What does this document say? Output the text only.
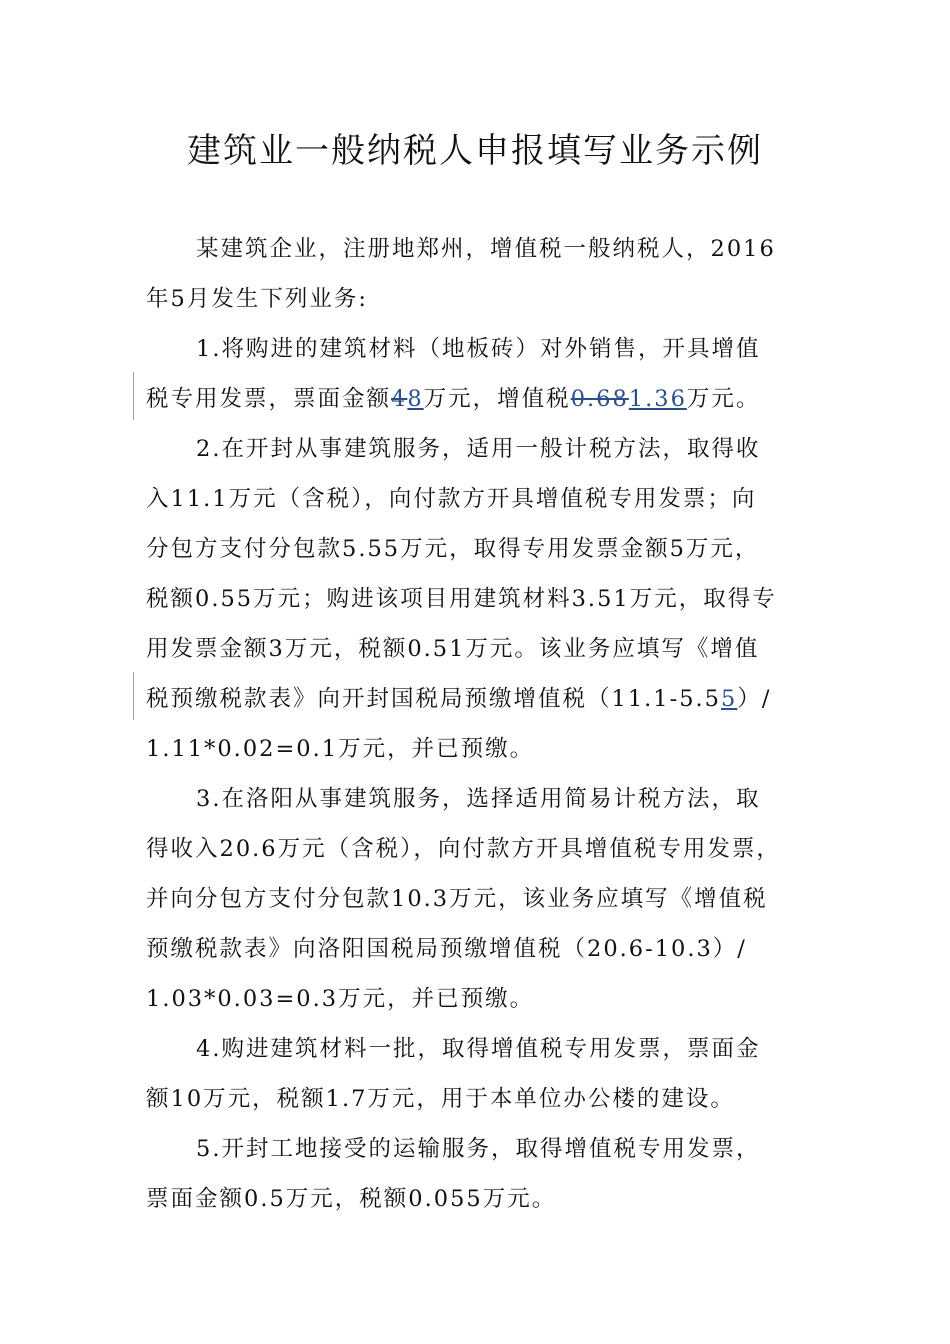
建筑业一般纳税人申报填写业务示例
某建筑企业，注册地郑州，增值税一般纳税人，2016
年5月发生下列业务:
1.将购进的建筑材料（地板砖）对外销售，开具增值
税专用发票，票面金额48万元，增值税0.681.36万元。
2.在开封从事建筑服务，适用一般计税方法，取得收
入11.1万元（含税），向付款方开具增值税专用发票；向
分包方支付分包款5.55万元，取得专用发票金额5万元，
税额0.55万元；购进该项目用建筑材料3.51万元，取得专
用发票金额3万元，税额0.51万元。该业务应填写《增值
税预缴税款表》向开封国税局预缴增值税（11.1-5.55）/
1.11*0.02=0.1万元，并已预缴。
3.在洛阳从事建筑服务，选择适用简易计税方法，取
得收入20.6万元（含税），向付款方开具增值税专用发票，
并向分包方支付分包款10.3万元，该业务应填写《增值税
预缴税款表》向洛阳国税局预缴增值税（20.6-10.3）/
1.03*0.03=0.3万元，并已预缴。
4.购进建筑材料一批，取得增值税专用发票，票面金
额10万元，税额1.7万元，用于本单位办公楼的建设。
5.开封工地接受的运输服务，取得增值税专用发票，
票面金额0.5万元，税额0.055万元。
